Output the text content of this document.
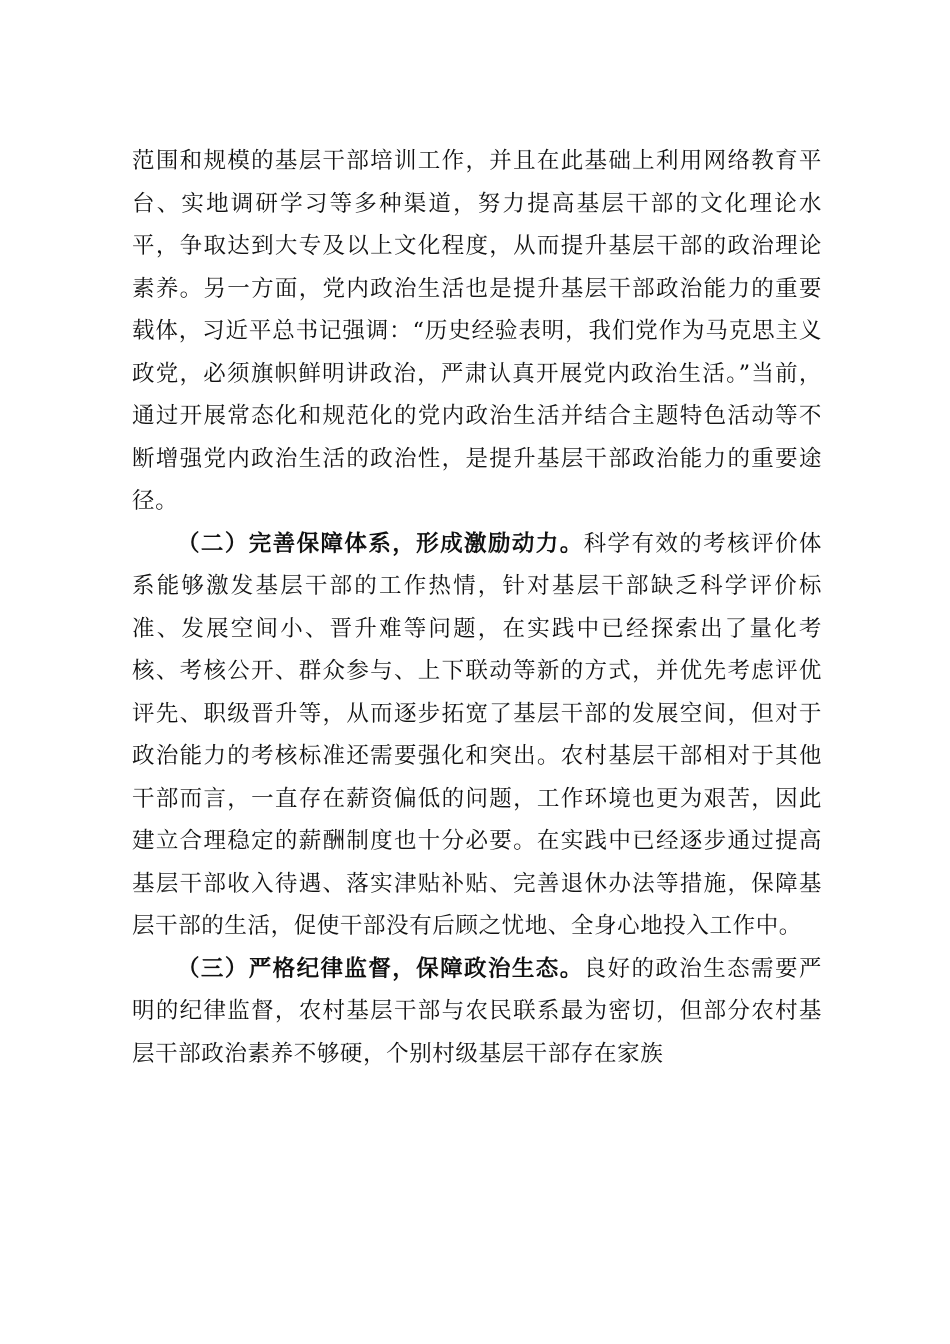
范围和规模的基层干部培训工作，并且在此基础上利用网络教育平台、实地调研学习等多种渠道，努力提高基层干部的文化理论水平，争取达到大专及以上文化程度，从而提升基层干部的政治理论素养。另一方面，党内政治生活也是提升基层干部政治能力的重要载体，习近平总书记强调：“历史经验表明，我们党作为马克思主义政党，必须旗帜鲜明讲政治，严肃认真开展党内政治生活。”当前，通过开展常态化和规范化的党内政治生活并结合主题特色活动等不断增强党内政治生活的政治性，是提升基层干部政治能力的重要途径。

（二）完善保障体系，形成激励动力。科学有效的考核评价体系能够激发基层干部的工作热情，针对基层干部缺乏科学评价标准、发展空间小、晋升难等问题，在实践中已经探索出了量化考核、考核公开、群众参与、上下联动等新的方式，并优先考虑评优评先、职级晋升等，从而逐步拓宽了基层干部的发展空间，但对于政治能力的考核标准还需要强化和突出。农村基层干部相对于其他干部而言，一直存在薪资偏低的问题，工作环境也更为艰苦，因此建立合理稳定的薪酬制度也十分必要。在实践中已经逐步通过提高基层干部收入待遇、落实津贴补贴、完善退休办法等措施，保障基层干部的生活，促使干部没有后顾之忧地、全身心地投入工作中。

（三）严格纪律监督，保障政治生态。良好的政治生态需要严明的纪律监督，农村基层干部与农民联系最为密切，但部分农村基层干部政治素养不够硬，个别村级基层干部存在家族
